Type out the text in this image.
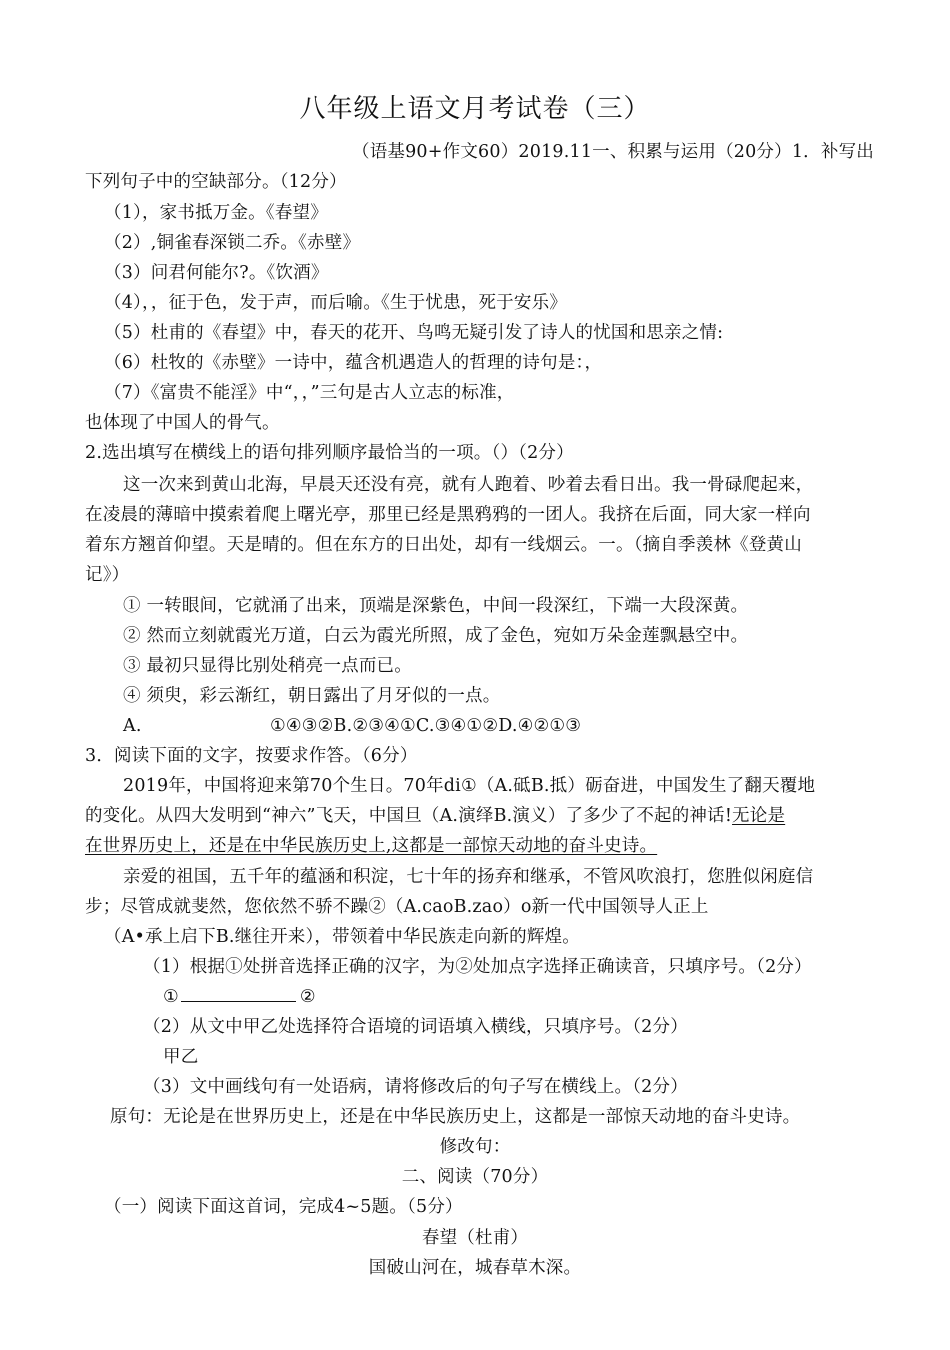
八年级上语文月考试卷（三）
（语基90+作文60）2019.11一、积累与运用（20分）1．补写出
下列句子中的空缺部分。（12分）
（1），家书抵万金。《春望》
（2）,铜雀春深锁二乔。《赤壁》
（3）问君何能尔?。《饮酒》
（4），，征于色，发于声，而后喻。《生于忧患，死于安乐》
（5）杜甫的《春望》中，春天的花开、鸟鸣无疑引发了诗人的忧国和思亲之情:
（6）杜牧的《赤壁》一诗中，蕴含机遇造人的哲理的诗句是：，
（7）《富贵不能淫》中“，，”三句是古人立志的标准，
也体现了中国人的骨气。
2.选出填写在横线上的语句排列顺序最恰当的一项。（）（2分）
这一次来到黄山北海，早晨天还没有亮，就有人跑着、吵着去看日出。我一骨碌爬起来，
在凌晨的薄暗中摸索着爬上曙光亭，那里已经是黑鸦鸦的一团人。我挤在后面，同大家一样向
着东方翘首仰望。天是晴的。但在东方的日出处，却有一线烟云。一。（摘自季羡林《登黄山
记》）
① 一转眼间，它就涌了出来，顶端是深紫色，中间一段深红，下端一大段深黄。
② 然而立刻就霞光万道，白云为霞光所照，成了金色，宛如万朵金莲飘悬空中。
③ 最初只显得比别处稍亮一点而已。
④ 须臾，彩云渐红，朝日露出了月牙似的一点。
A.	①④③②B.②③④①C.③④①②D.④②①③
3．阅读下面的文字，按要求作答。（6分）
2019年，中国将迎来第70个生日。70年di①（A.砥B.抵）砺奋进，中国发生了翻天覆地
的变化。从四大发明到“神六”飞天，中国旦（A.演绎B.演义）了多少了不起的神话!无论是
在世界历史上，还是在中华民族历史上,这都是一部惊天动地的奋斗史诗。
亲爱的祖国，五千年的蕴涵和积淀，七十年的扬弃和继承，不管风吹浪打，您胜似闲庭信
步；尽管成就斐然，您依然不骄不躁②（A.caoB.zao）o新一代中国领导人正上
（A•承上启下B.继往开来），带领着中华民族走向新的辉煌。
（1）根据①处拼音选择正确的汉字，为②处加点字选择正确读音，只填序号。（2分）
①	②
（2）从文中甲乙处选择符合语境的词语填入横线，只填序号。（2分）
甲乙
（3）文中画线句有一处语病，请将修改后的句子写在横线上。（2分）
原句：无论是在世界历史上，还是在中华民族历史上，这都是一部惊天动地的奋斗史诗。
修改句：
二、阅读（70分）
（一）阅读下面这首词，完成4~5题。（5分）
春望（杜甫）
国破山河在，城春草木深。
